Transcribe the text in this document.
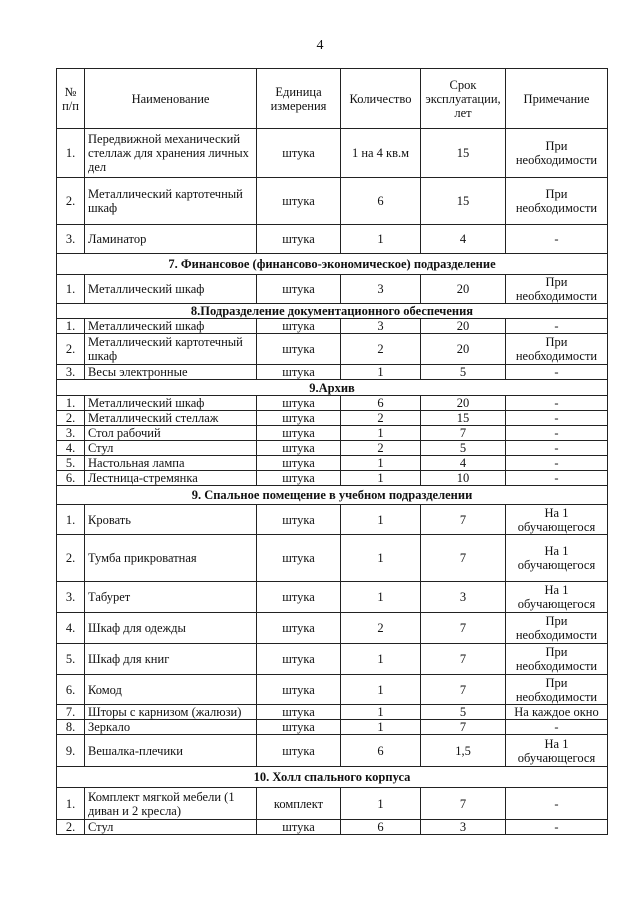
4
№ п/п	Наименование	Единица измерения	Количество	Срок эксплуатации, лет	Примечание
1.	Передвижной механический стеллаж для хранения личных дел	штука	1 на 4 кв.м	15	При необходимости
2.	Металлический картотечный шкаф	штука	6	15	При необходимости
3.	Ламинатор	штука	1	4	-
7. Финансовое (финансово-экономическое) подразделение					
1.	Металлический шкаф	штука	3	20	При необходимости
8.Подразделение документационного обеспечения					
1.	Металлический шкаф	штука	3	20	-
2.	Металлический картотечный шкаф	штука	2	20	При необходимости
3.	Весы электронные	штука	1	5	-
9.Архив					
1.	Металлический шкаф	штука	6	20	-
2.	Металлический стеллаж	штука	2	15	-
3.	Стол рабочий	штука	1	7	-
4.	Стул	штука	2	5	-
5.	Настольная лампа	штука	1	4	-
6.	Лестница-стремянка	штука	1	10	-
9. Спальное помещение в учебном подразделении					
1.	Кровать	штука	1	7	На 1 обучающегося
2.	Тумба прикроватная	штука	1	7	На 1 обучающегося
3.	Табурет	штука	1	3	На 1 обучающегося
4.	Шкаф для одежды	штука	2	7	При необходимости
5.	Шкаф для книг	штука	1	7	При необходимости
6.	Комод	штука	1	7	При необходимости
7.	Шторы с карнизом (жалюзи)	штука	1	5	На каждое окно
8.	Зеркало	штука	1	7	-
9.	Вешалка-плечики	штука	6	1,5	На 1 обучающегося
10. Холл спального корпуса					
1.	Комплект мягкой мебели (1 диван и 2 кресла)	комплект	1	7	-
2.	Стул	штука	6	3	-
